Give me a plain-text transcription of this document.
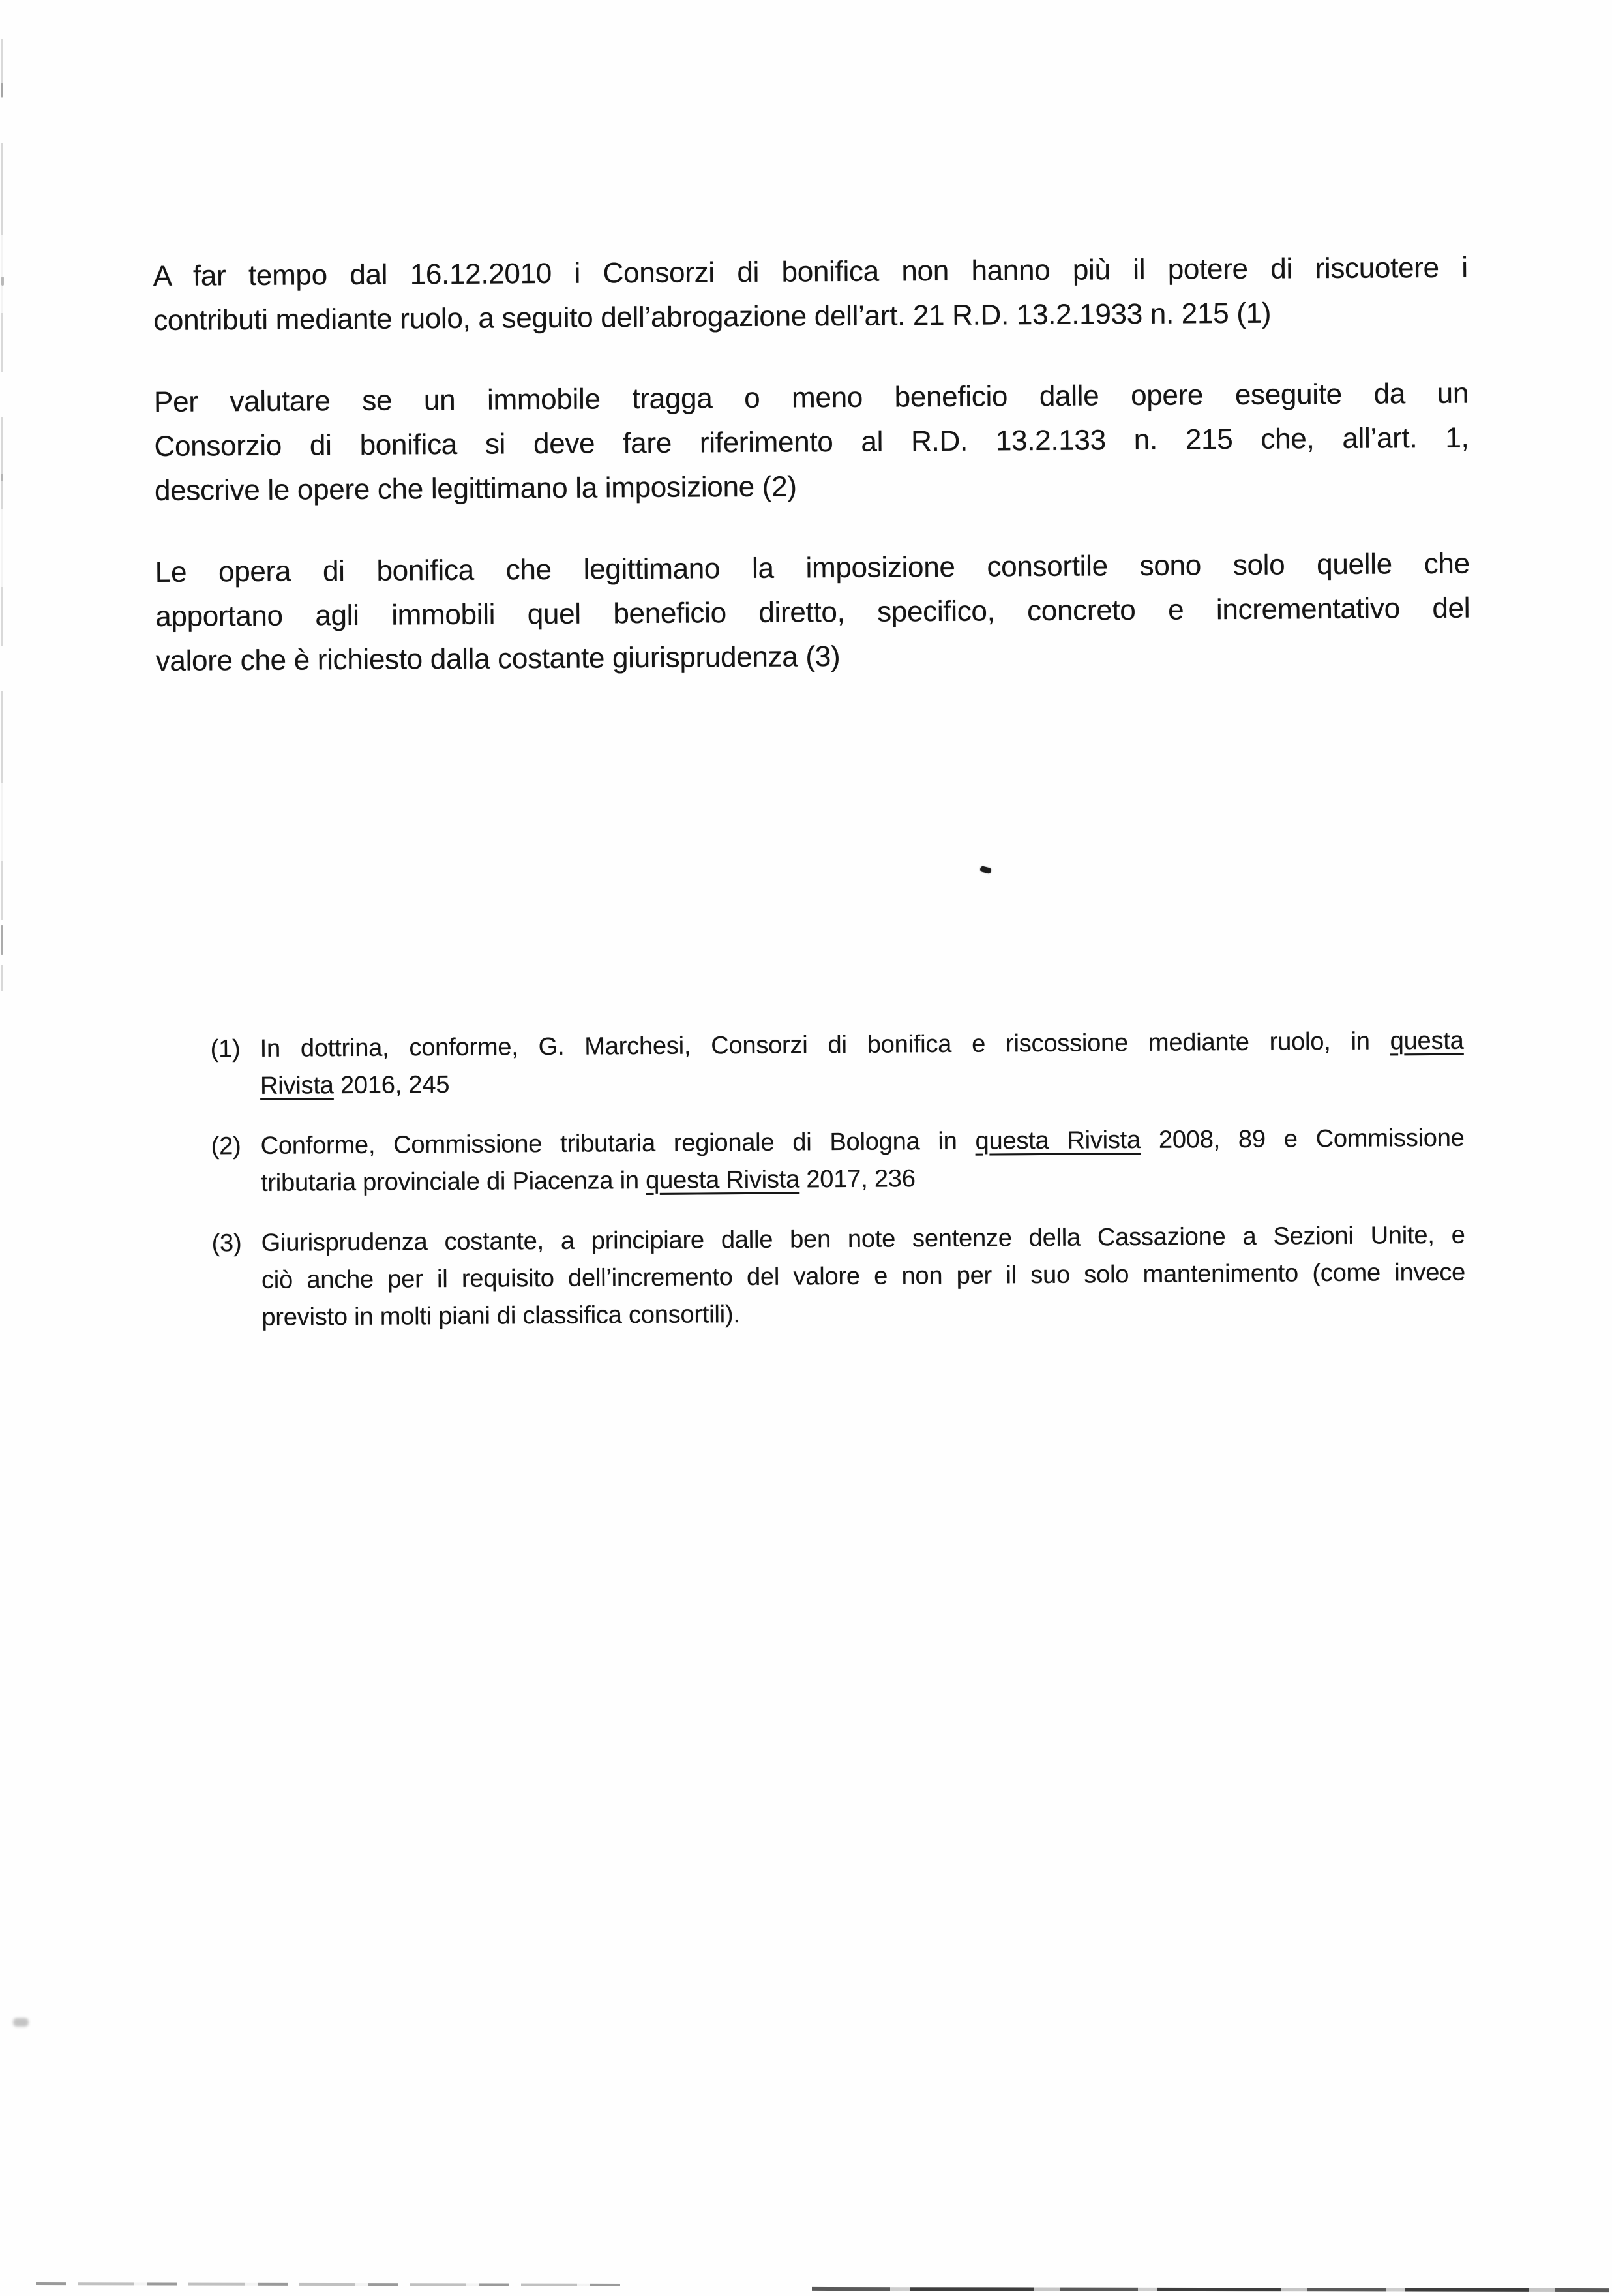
A far tempo dal 16.12.2010 i Consorzi di bonifica non hanno più il potere di riscuotere i
contributi mediante ruolo, a seguito dell’abrogazione dell’art. 21 R.D. 13.2.1933 n. 215 (1)
Per valutare se un immobile tragga o meno beneficio dalle opere eseguite da un
Consorzio di bonifica si deve fare riferimento al R.D. 13.2.133 n. 215 che, all’art. 1,
descrive le opere che legittimano la imposizione (2)
Le opera di bonifica che legittimano la imposizione consortile sono solo quelle che
apportano agli immobili quel beneficio diretto, specifico, concreto e incrementativo del
valore che è richiesto dalla costante giurisprudenza (3)
(1) In dottrina, conforme, G. Marchesi, Consorzi di bonifica e riscossione mediante ruolo, in questa
Rivista 2016, 245
(2) Conforme, Commissione tributaria regionale di Bologna in questa Rivista 2008, 89 e Commissione
tributaria provinciale di Piacenza in questa Rivista 2017, 236
(3) Giurisprudenza costante, a principiare dalle ben note sentenze della Cassazione a Sezioni Unite, e
ciò anche per il requisito dell’incremento del valore e non per il suo solo mantenimento (come invece
previsto in molti piani di classifica consortili).
